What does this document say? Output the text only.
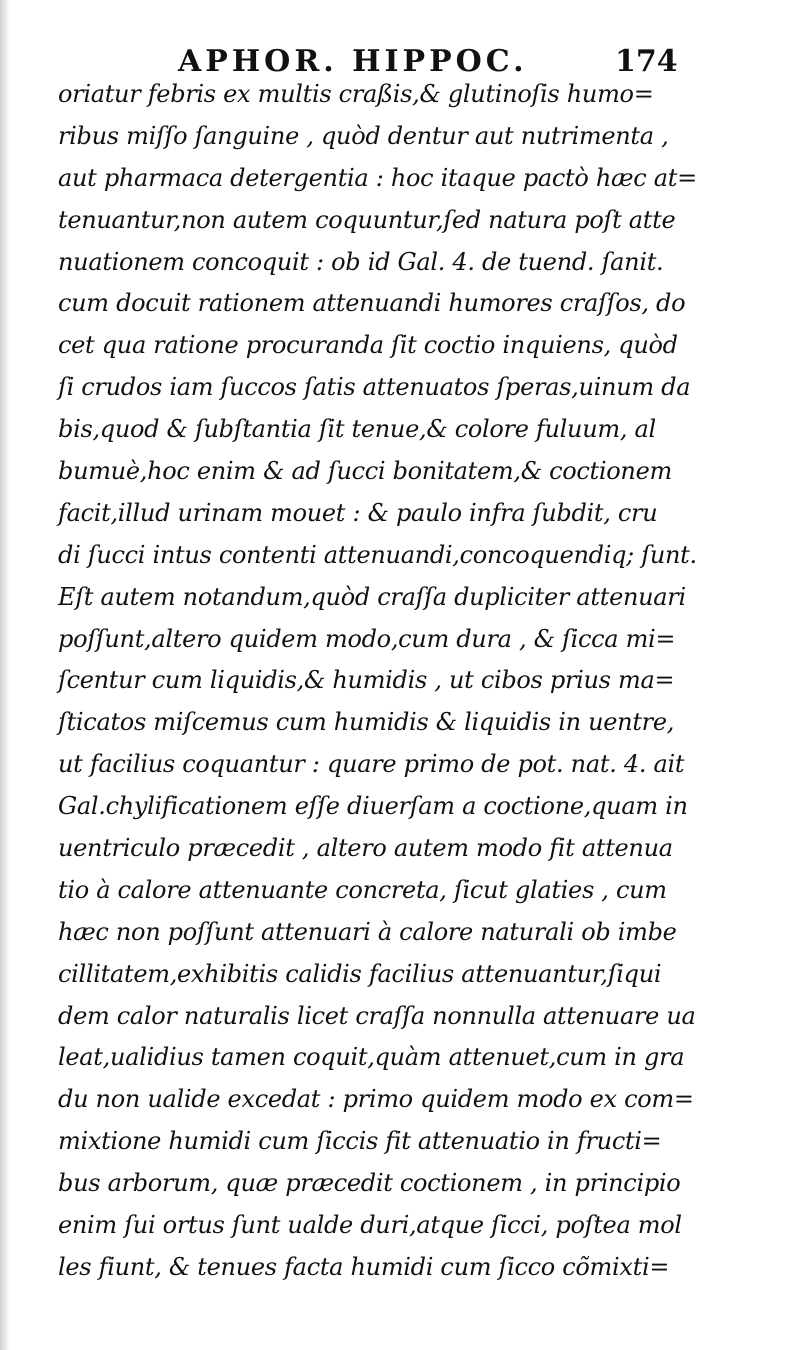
APHOR. HIPPOC.	174
oriatur febris ex multis craßis,& glutinoſis humo=
ribus miſſo ſanguine , quòd dentur aut nutrimenta ,
aut pharmaca detergentia : hoc itaque pactò hæc at=
tenuantur,non autem coquuntur,ſed natura poſt atte
nuationem concoquit : ob id Gal. 4. de tuend. ſanit.
cum docuit rationem attenuandi humores craſſos, do
cet qua ratione procuranda ſit coctio inquiens, quòd
ſi crudos iam ſuccos ſatis attenuatos ſperas,uinum da
bis,quod & ſubſtantia ſit tenue,& colore fuluum, al
bumuè,hoc enim & ad ſucci bonitatem,& coctionem
facit,illud urinam mouet : & paulo infra ſubdit, cru
di ſucci intus contenti attenuandi,concoquendiq; ſunt.
Eſt autem notandum,quòd craſſa dupliciter attenuari
poſſunt,altero quidem modo,cum dura , & ſicca mi=
ſcentur cum liquidis,& humidis , ut cibos prius ma=
ſticatos miſcemus cum humidis & liquidis in uentre,
ut facilius coquantur : quare primo de pot. nat. 4. ait
Gal.chylificationem eſſe diuerſam a coctione,quam in
uentriculo præcedit , altero autem modo fit attenua
tio à calore attenuante concreta, ſicut glaties , cum
hæc non poſſunt attenuari à calore naturali ob imbe
cillitatem,exhibitis calidis facilius attenuantur,ſiqui
dem calor naturalis licet craſſa nonnulla attenuare ua
leat,ualidius tamen coquit,quàm attenuet,cum in gra
du non ualide excedat : primo quidem modo ex com=
mixtione humidi cum ſiccis fit attenuatio in fructi=
bus arborum, quæ præcedit coctionem , in principio
enim ſui ortus ſunt ualde duri,atque ſicci, poſtea mol
les fiunt, & tenues facta humidi cum ſicco cõmixti=
